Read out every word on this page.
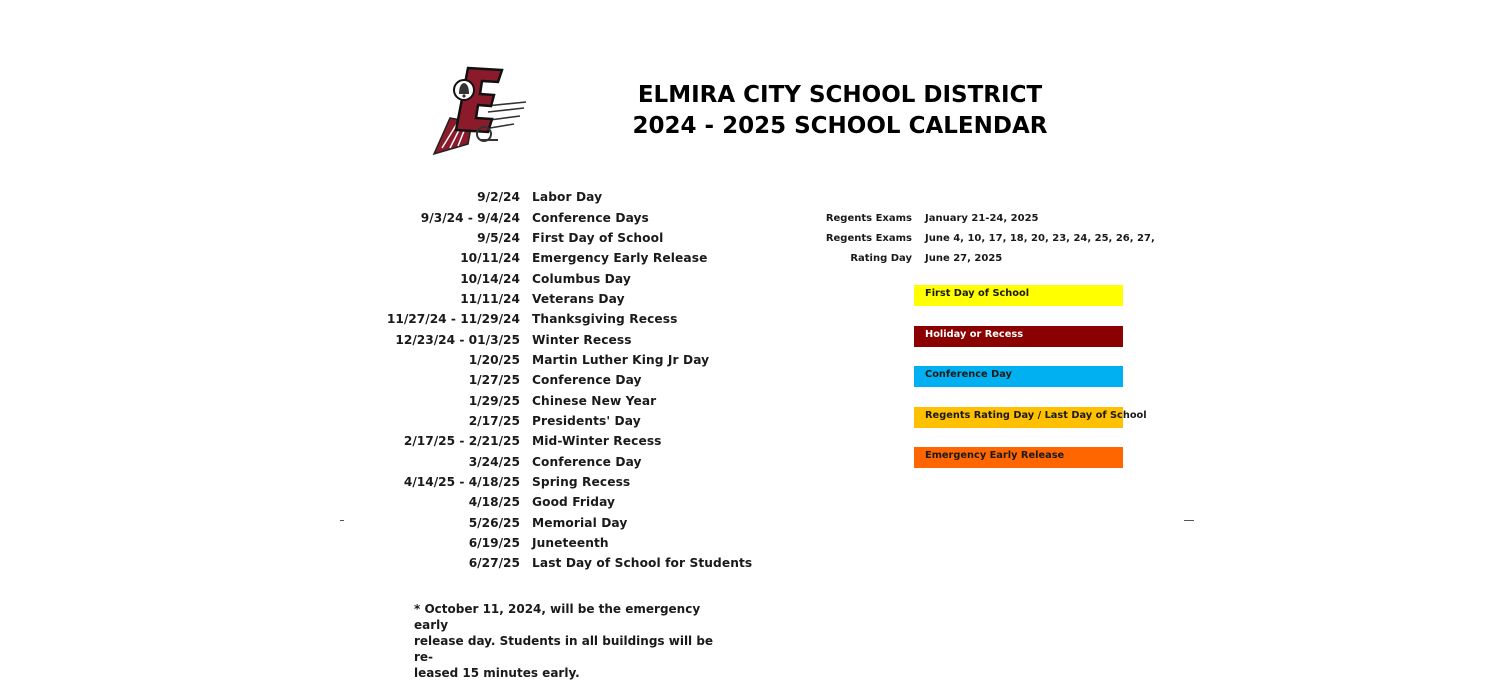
ELMIRA CITY SCHOOL DISTRICT
2024 - 2025 SCHOOL CALENDAR
9/2/24 Labor Day
9/3/24 - 9/4/24 Conference Days
9/5/24 First Day of School
10/11/24 Emergency Early Release
10/14/24 Columbus Day
11/11/24 Veterans Day
11/27/24 - 11/29/24 Thanksgiving Recess
12/23/24 - 01/3/25 Winter Recess
1/20/25 Martin Luther King Jr Day
1/27/25 Conference Day
1/29/25 Chinese New Year
2/17/25 Presidents' Day
2/17/25 - 2/21/25 Mid-Winter Recess
3/24/25 Conference Day
4/14/25 - 4/18/25 Spring Recess
4/18/25 Good Friday
5/26/25 Memorial Day
6/19/25 Juneteenth
6/27/25 Last Day of School for Students
Regents Exams	January 21-24, 2025
Regents Exams	June 4, 10, 17, 18, 20, 23, 24, 25, 26, 27,
Rating Day	June 27, 2025
First Day of School
Holiday or Recess
Conference Day
Regents Rating Day / Last Day of School
Emergency Early Release
* October 11, 2024, will be the emergency early
release day. Students in all buildings will be re-
leased 15 minutes early.
